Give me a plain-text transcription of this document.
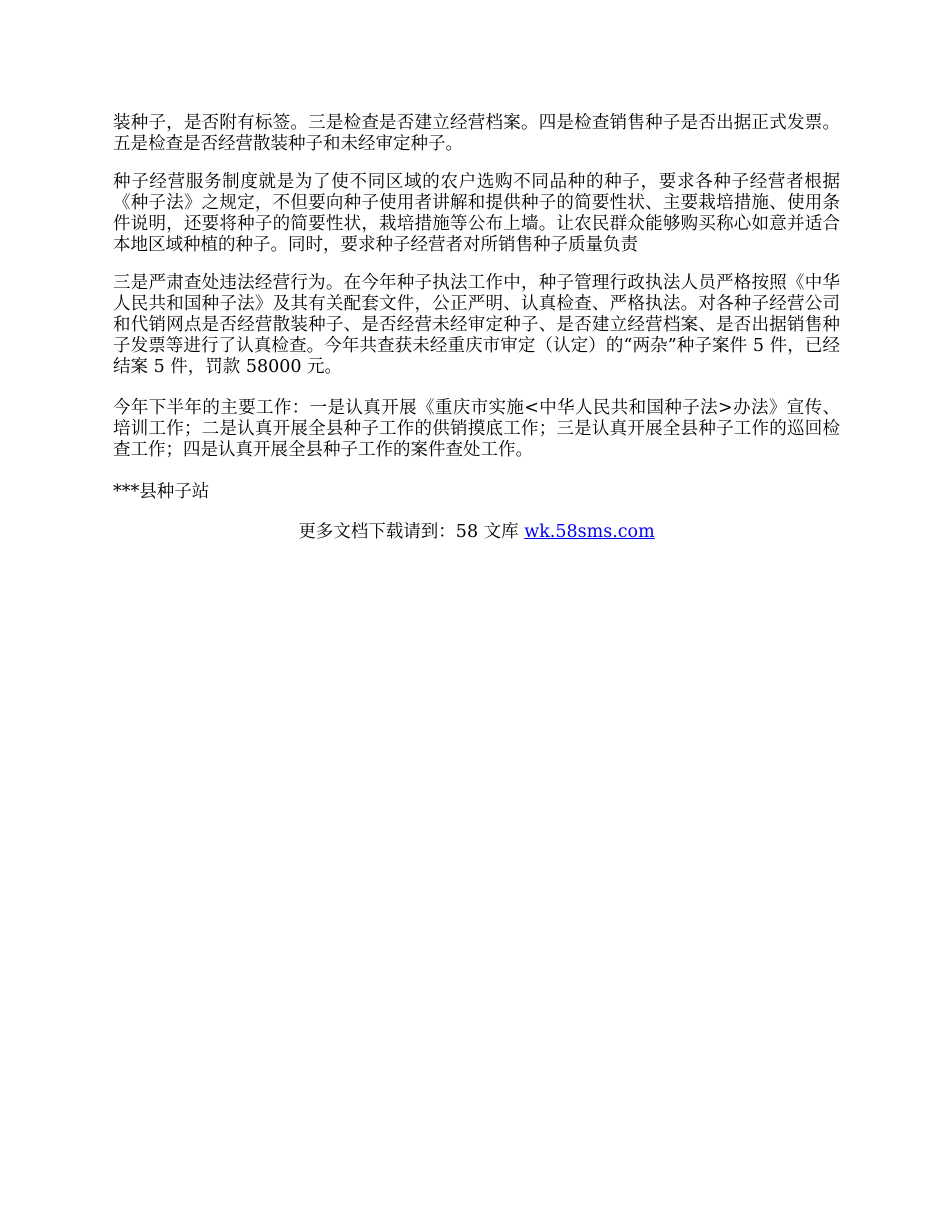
装种子，是否附有标签。三是检查是否建立经营档案。四是检查销售种子是否出据正式发票。五是检查是否经营散装种子和未经审定种子。

种子经营服务制度就是为了使不同区域的农户选购不同品种的种子，要求各种子经营者根据《种子法》之规定，不但要向种子使用者讲解和提供种子的简要性状、主要栽培措施、使用条件说明，还要将种子的简要性状，栽培措施等公布上墙。让农民群众能够购买称心如意并适合本地区域种植的种子。同时，要求种子经营者对所销售种子质量负责

三是严肃查处违法经营行为。在今年种子执法工作中，种子管理行政执法人员严格按照《中华人民共和国种子法》及其有关配套文件，公正严明、认真检查、严格执法。对各种子经营公司和代销网点是否经营散装种子、是否经营未经审定种子、是否建立经营档案、是否出据销售种子发票等进行了认真检查。今年共查获未经重庆市审定（认定）的“两杂”种子案件 5 件，已经结案 5 件，罚款 58000 元。

今年下半年的主要工作：一是认真开展《重庆市实施<中华人民共和国种子法>办法》宣传、培训工作；二是认真开展全县种子工作的供销摸底工作；三是认真开展全县种子工作的巡回检查工作；四是认真开展全县种子工作的案件查处工作。

***县种子站
更多文档下载请到：58 文库 wk.58sms.com
